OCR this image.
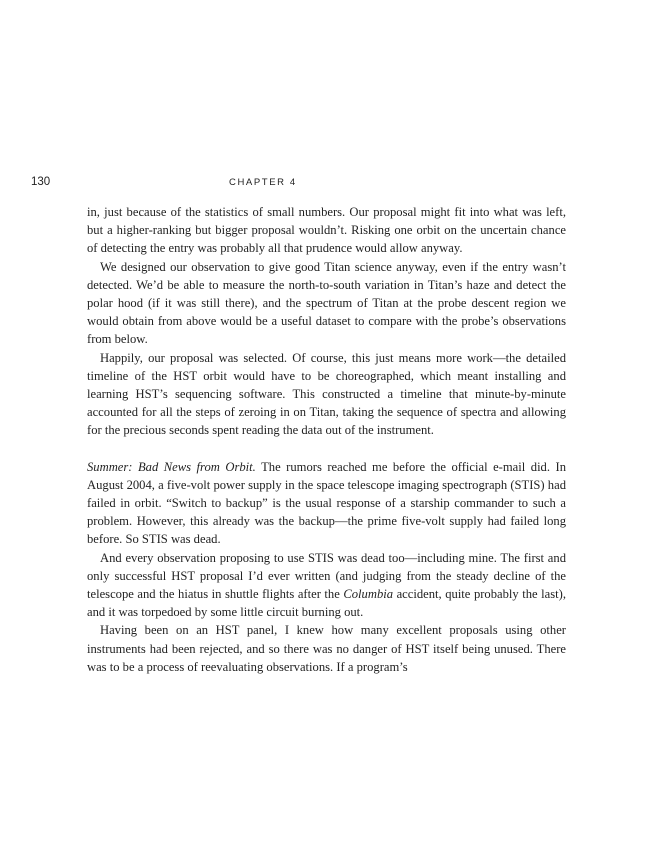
130	CHAPTER 4

in, just because of the statistics of small numbers. Our proposal might fit into what was left, but a higher-ranking but bigger proposal wouldn’t. Risking one orbit on the uncertain chance of detecting the entry was probably all that prudence would allow anyway.

We designed our observation to give good Titan science anyway, even if the entry wasn’t detected. We’d be able to measure the north-to-south variation in Titan’s haze and detect the polar hood (if it was still there), and the spectrum of Titan at the probe descent region we would obtain from above would be a useful dataset to compare with the probe’s observations from below.

Happily, our proposal was selected. Of course, this just means more work—the detailed timeline of the HST orbit would have to be choreographed, which meant installing and learning HST’s sequencing software. This constructed a timeline that minute-by-minute accounted for all the steps of zeroing in on Titan, taking the sequence of spectra and allowing for the precious seconds spent reading the data out of the instrument.

Summer: Bad News from Orbit. The rumors reached me before the official e-mail did. In August 2004, a five-volt power supply in the space telescope imaging spectrograph (STIS) had failed in orbit. “Switch to backup” is the usual response of a starship commander to such a problem. However, this already was the backup—the prime five-volt supply had failed long before. So STIS was dead.

And every observation proposing to use STIS was dead too—including mine. The first and only successful HST proposal I’d ever written (and judging from the steady decline of the telescope and the hiatus in shuttle flights after the Columbia accident, quite probably the last), and it was torpedoed by some little circuit burning out.

Having been on an HST panel, I knew how many excellent proposals using other instruments had been rejected, and so there was no danger of HST itself being unused. There was to be a process of reevaluating observations. If a program’s
